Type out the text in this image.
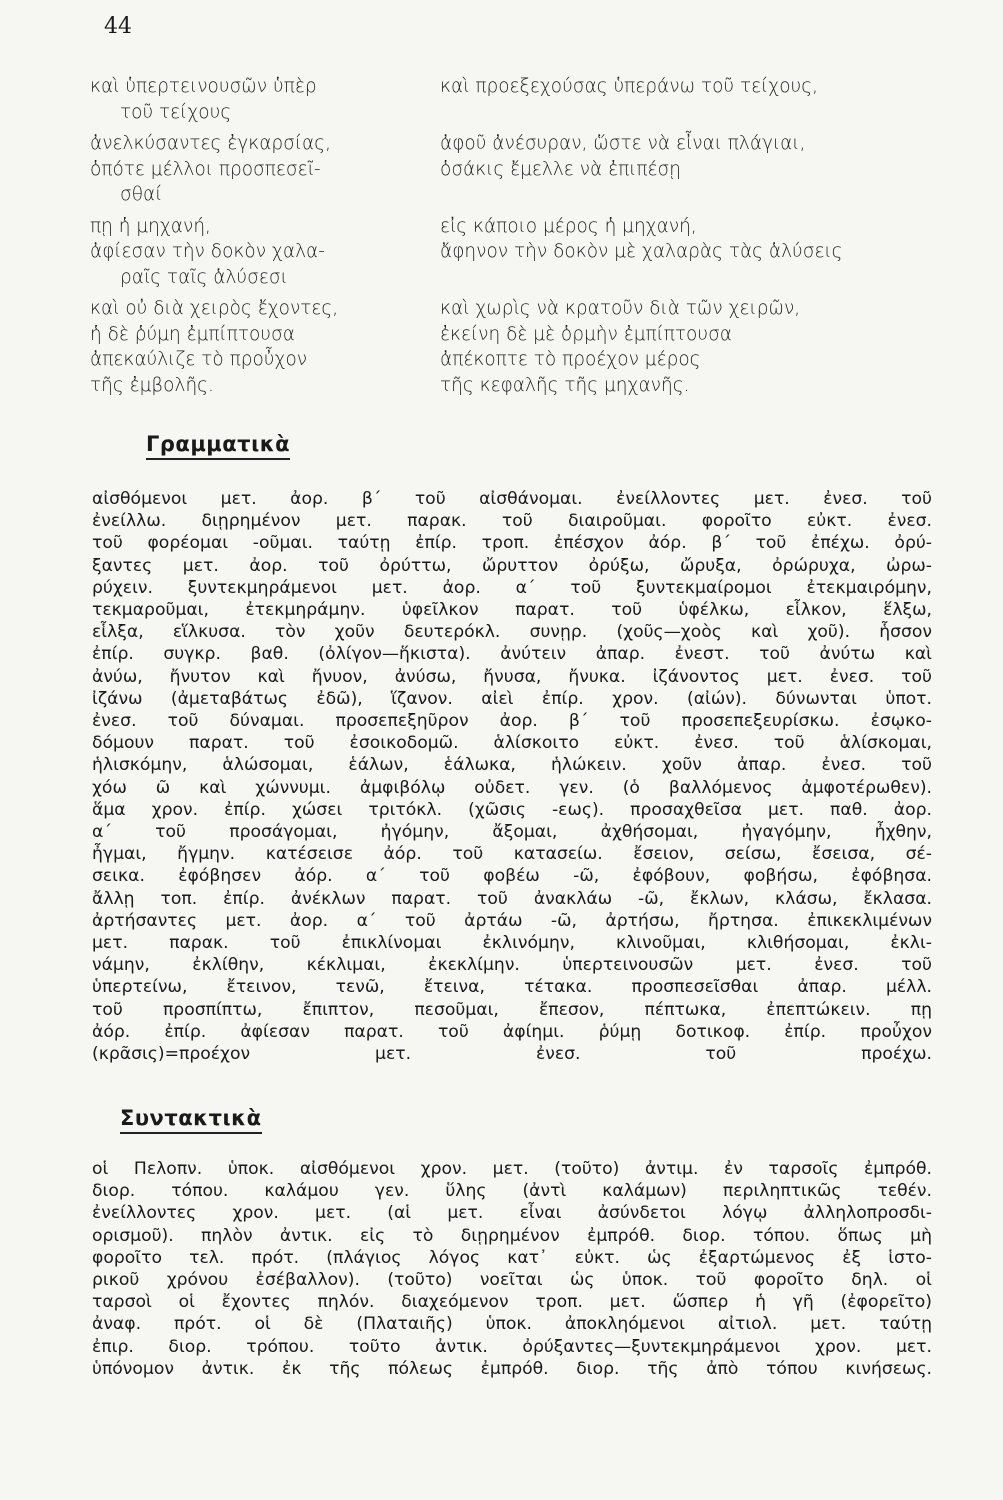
44
καὶ ὑπερτεινουσῶν ὑπὲρ
τοῦ τείχους
ἀνελκύσαντες ἐγκαρσίας,
ὁπότε μέλλοι προσπεσεῖ-
σθαί
πῃ ἡ μηχανή,
ἀφίεσαν τὴν δοκὸν χαλα-
ραῖς ταῖς ἁλύσεσι
καὶ οὐ διὰ χειρὸς ἔχοντες,
ἡ δὲ ῥύμη ἐμπίπτουσα
ἀπεκαύλιζε τὸ προὖχον
τῆς ἐμβολῆς.
καὶ προεξεχούσας ὑπεράνω τοῦ τείχους,
ἀφοῦ ἀνέσυραν, ὥστε νὰ εἶναι πλάγιαι,
ὁσάκις ἔμελλε νὰ ἐπιπέσῃ
εἰς κάποιο μέρος ἡ μηχανή,
ἄφηνον τὴν δοκὸν μὲ χαλαρὰς τὰς ἁλύσεις
καὶ χωρὶς νὰ κρατοῦν διὰ τῶν χειρῶν,
ἐκείνη δὲ μὲ ὁρμὴν ἐμπίπτουσα
ἀπέκοπτε τὸ προέχον μέρος
τῆς κεφαλῆς τῆς μηχανῆς.
Γραμματικὰ
αἰσθόμενοι μετ. ἀορ. β΄ τοῦ αἰσθάνομαι. ἐνείλλοντες μετ. ἐνεσ. τοῦ
ἐνείλλω. διῃρημένον μετ. παρακ. τοῦ διαιροῦμαι. φοροῖτο εὐκτ. ἐνεσ.
τοῦ φορέομαι -οῦμαι. ταύτῃ ἐπίρ. τροπ. ἐπέσχον ἀόρ. β΄ τοῦ ἐπέχω. ὀρύ-
ξαντες μετ. ἀορ. τοῦ ὀρύττω, ὤρυττον ὀρύξω, ὤρυξα, ὀρώρυχα, ὠρω-
ρύχειν. ξυντεκμηράμενοι μετ. ἀορ. α΄ τοῦ ξυντεκμαίρομοι ἐτεκμαιρόμην,
τεκμαροῦμαι, ἐτεκμηράμην. ὑφεῖλκον παρατ. τοῦ ὑφέλκω, εἷλκον, ἕλξω,
εἷλξα, εἵλκυσα. τὸν χοῦν δευτερόκλ. συνῃρ. (χοῦς—χοὸς καὶ χοῦ). ἧσσον
ἐπίρ. συγκρ. βαθ. (ὀλίγον—ἥκιστα). ἀνύτειν ἀπαρ. ἐνεστ. τοῦ ἀνύτω καὶ
ἀνύω, ἤνυτον καὶ ἤνυον, ἀνύσω, ἤνυσα, ἤνυκα. ἰζάνοντος μετ. ἐνεσ. τοῦ
ἰζάνω (ἀμεταβάτως ἐδῶ), ἵζανον. αἰεὶ ἐπίρ. χρον. (αἰών). δύνωνται ὑποτ.
ἐνεσ. τοῦ δύναμαι. προσεπεξηῦρον ἀορ. β΄ τοῦ προσεπεξευρίσκω. ἐσῳκο-
δόμουν παρατ. τοῦ ἐσοικοδομῶ. ἁλίσκοιτο εὐκτ. ἐνεσ. τοῦ ἁλίσκομαι,
ἡλισκόμην, ἁλώσομαι, ἑάλων, ἑάλωκα, ἡλώκειν. χοῦν ἀπαρ. ἐνεσ. τοῦ
χόω ῶ καὶ χώννυμι. ἀμφιβόλῳ οὐδετ. γεν. (ὁ βαλλόμενος ἀμφοτέρωθεν).
ἅμα χρον. ἐπίρ. χώσει τριτόκλ. (χῶσις -εως). προσαχθεῖσα μετ. παθ. ἀορ.
α΄ τοῦ προσάγομαι, ἠγόμην, ἄξομαι, ἀχθήσομαι, ἠγαγόμην, ἦχθην,
ἦγμαι, ἤγμην. κατέσεισε ἀόρ. τοῦ κατασείω. ἔσειον, σείσω, ἔσεισα, σέ-
σεικα. ἐφόβησεν ἀόρ. α΄ τοῦ φοβέω -ῶ, ἐφόβουν, φοβήσω, ἐφόβησα.
ἄλλῃ τοπ. ἐπίρ. ἀνέκλων παρατ. τοῦ ἀνακλάω -ῶ, ἔκλων, κλάσω, ἔκλασα.
ἀρτήσαντες μετ. ἀορ. α΄ τοῦ ἀρτάω -ῶ, ἀρτήσω, ἤρτησα. ἐπικεκλιμένων
μετ. παρακ. τοῦ ἐπικλίνομαι ἐκλινόμην, κλινοῦμαι, κλιθήσομαι, ἐκλι-
νάμην, ἐκλίθην, κέκλιμαι, ἐκεκλίμην. ὑπερτεινουσῶν μετ. ἐνεσ. τοῦ
ὑπερτείνω, ἔτεινον, τενῶ, ἔτεινα, τέτακα. προσπεσεῖσθαι ἀπαρ. μέλλ.
τοῦ προσπίπτω, ἔπιπτον, πεσοῦμαι, ἔπεσον, πέπτωκα, ἐπεπτώκειν. πῃ
ἀόρ. ἐπίρ. ἀφίεσαν παρατ. τοῦ ἀφίημι. ῥύμῃ δοτικοφ. ἐπίρ. προὖχον
(κρᾶσις)=προέχον μετ. ἐνεσ. τοῦ προέχω.
Συντακτικὰ
οἱ Πελοπν. ὑποκ. αἰσθόμενοι χρον. μετ. (τοῦτο) ἀντιμ. ἐν ταρσοῖς ἐμπρόθ.
διορ. τόπου. καλάμου γεν. ὕλης (ἀντὶ καλάμων) περιληπτικῶς τεθέν.
ἐνείλλοντες χρον. μετ. (αἱ μετ. εἶναι ἀσύνδετοι λόγῳ ἀλληλοπροσδι-
ορισμοῦ). πηλὸν ἀντικ. εἰς τὸ διῃρημένον ἐμπρόθ. διορ. τόπου. ὅπως μὴ
φοροῖτο τελ. πρότ. (πλάγιος λόγος κατ᾿ εὐκτ. ὡς ἐξαρτώμενος ἐξ ἱστο-
ρικοῦ χρόνου ἐσέβαλλον). (τοῦτο) νοεῖται ὡς ὑποκ. τοῦ φοροῖτο δηλ. οἱ
ταρσοὶ οἱ ἔχοντες πηλόν. διαχεόμενον τροπ. μετ. ὥσπερ ἡ γῆ (ἐφορεῖτο)
ἀναφ. πρότ. οἱ δὲ (Πλαταιῆς) ὑποκ. ἀποκληόμενοι αἰτιολ. μετ. ταύτῃ
ἐπιρ. διορ. τρόπου. τοῦτο ἀντικ. ὀρύξαντες—ξυντεκμηράμενοι χρον. μετ.
ὑπόνομον ἀντικ. ἐκ τῆς πόλεως ἐμπρόθ. διορ. τῆς ἀπὸ τόπου κινήσεως.
